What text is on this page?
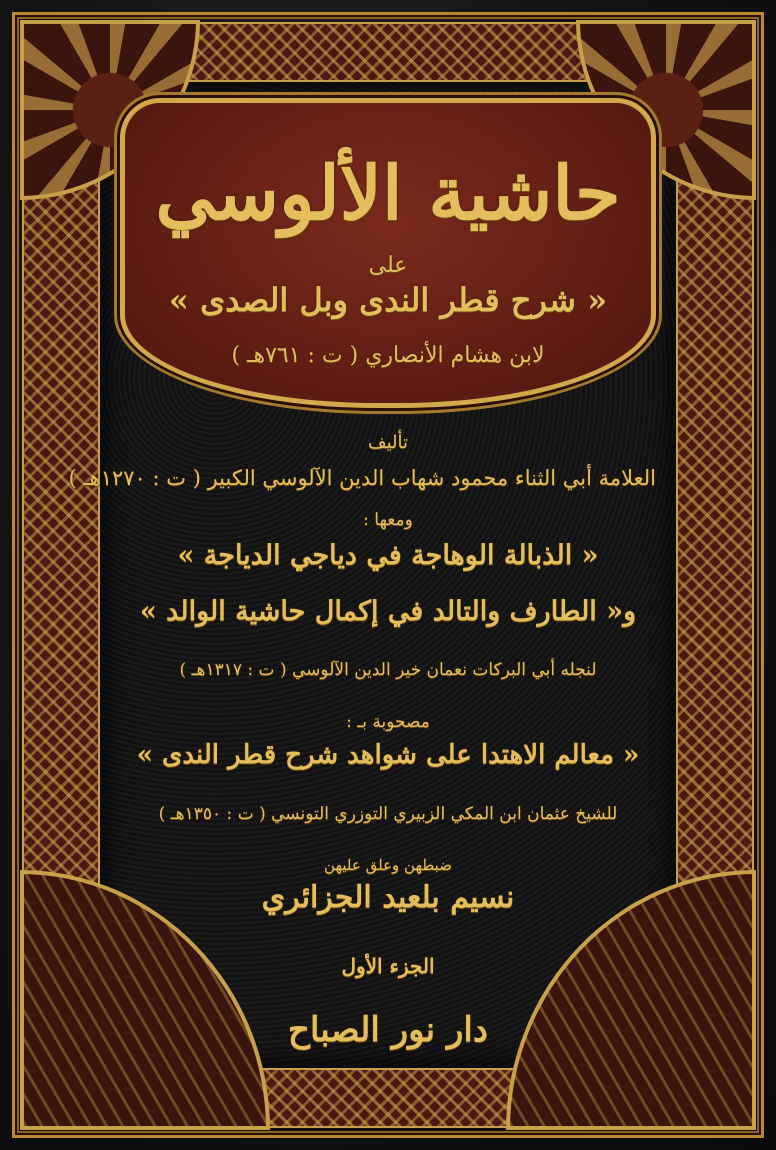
حاشية الألوسي
على
« شرح قطر الندى وبل الصدى »
لابن هشام الأنصاري ( ت : ٧٦١هـ )
تأليف
العلامة أبي الثناء محمود شهاب الدين الآلوسي الكبير ( ت : ١٢٧٠هـ )
ومعها :
« الذبالة الوهاجة في دياجي الدياجة »
و« الطارف والتالد في إكمال حاشية الوالد »
لنجله أبي البركات نعمان خير الدين الآلوسي ( ت : ١٣١٧هـ )
مصحوبة بـ :
« معالم الاهتدا على شواهد شرح قطر الندى »
للشيخ عثمان ابن المكي الزبيري التوزري التونسي ( ت : ١٣٥٠هـ )
ضبطهن وعلق عليهن
نسيم بلعيد الجزائري
الجزء الأول
دار نور الصباح
